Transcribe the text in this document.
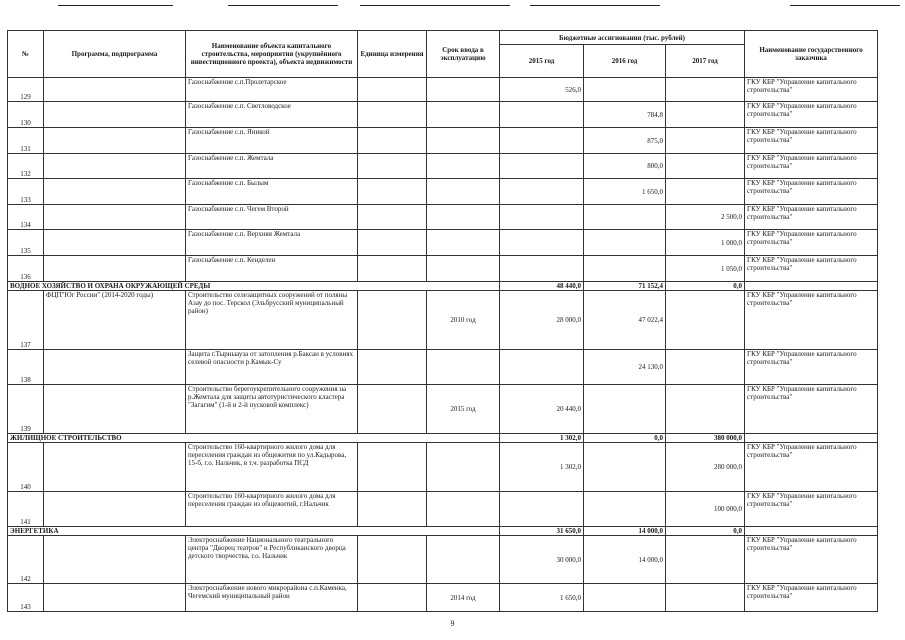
№	Программа, подпрограмма	Наименование объекта капитального строительства, мероприятия (укрупнённого инвестиционного проекта), объекта недвижимости	Единица измерения	Срок ввода в эксплуатацию	Бюджетные ассигнования (тыс. рублей)			Наименование государственного заказчика
					2015 год	2016 год	2017 год	
129		Газоснабжение с.п.Пролетарское			526,0			ГКУ КБР "Управление капитального строительства"
130		Газоснабжение с.п. Светловодское				784,8		ГКУ КБР "Управление капитального строительства"
131		Газоснабжение с.п. Яникой				875,0		ГКУ КБР "Управление капитального строительства"
132		Газоснабжение с.п. Жемтала				800,0		ГКУ КБР "Управление капитального строительства"
133		Газоснабжение с.п. Былым				1 650,0		ГКУ КБР "Управление капитального строительства"
134		Газоснабжение с.п. Чегем Второй					2 500,0	ГКУ КБР "Управление капитального строительства"
135		Газоснабжение с.п. Верхняя Жемтала					1 000,0	ГКУ КБР "Управление капитального строительства"
136		Газоснабжение с.п. Кенделен					1 050,0	ГКУ КБР "Управление капитального строительства"
ВОДНОЕ ХОЗЯЙСТВО И ОХРАНА ОКРУЖАЮЩЕЙ СРЕДЫ					48 440,0	71 152,4	0,0	
137	ФЦП"Юг России" (2014-2020 годы)	Строительство селезащитных сооружений от поляны Азау до пос. Терскол (Эльбрусский муниципальный район)		2010 год	28 000,0	47 022,4		ГКУ КБР "Управление капитального строительства"
138		Защита г.Тырныауза от затопления р.Баксан в условиях селевой опасности р.Камык-Су				24 130,0		ГКУ КБР "Управление капитального строительства"
139		Строительство берегоукрепительного сооружения на р.Жемтала для защиты автотуристического кластера "Загагим" (1-й и 2-й пусковой комплекс)		2015 год	20 440,0			ГКУ КБР "Управление капитального строительства"
ЖИЛИЩНОЕ СТРОИТЕЛЬСТВО					1 302,0	0,0	380 000,0	
140		Строительство 160-квартирного жилого дома для переселения граждан из общежития по ул.Кадырова, 15-б, г.о. Нальчик, в т.ч. разработка ПСД			1 302,0		280 000,0	ГКУ КБР "Управление капитального строительства"
141		Строительство 160-квартирного жилого дома для переселения граждан из общежитий, г.Нальчик					100 000,0	ГКУ КБР "Управление капитального строительства"
ЭНЕРГЕТИКА					31 650,0	14 000,0	0,0	
142		Электроснабжение Национального театрального центра "Дворец театров" и Республиканского дворца детского творчества, г.о. Нальчик			30 000,0	14 000,0		ГКУ КБР "Управление капитального строительства"
143		Электроснабжение нового микрорайона с.п.Каменка, Чегемский муниципальный район		2014 год	1 650,0			ГКУ КБР "Управление капитального строительства"
9
